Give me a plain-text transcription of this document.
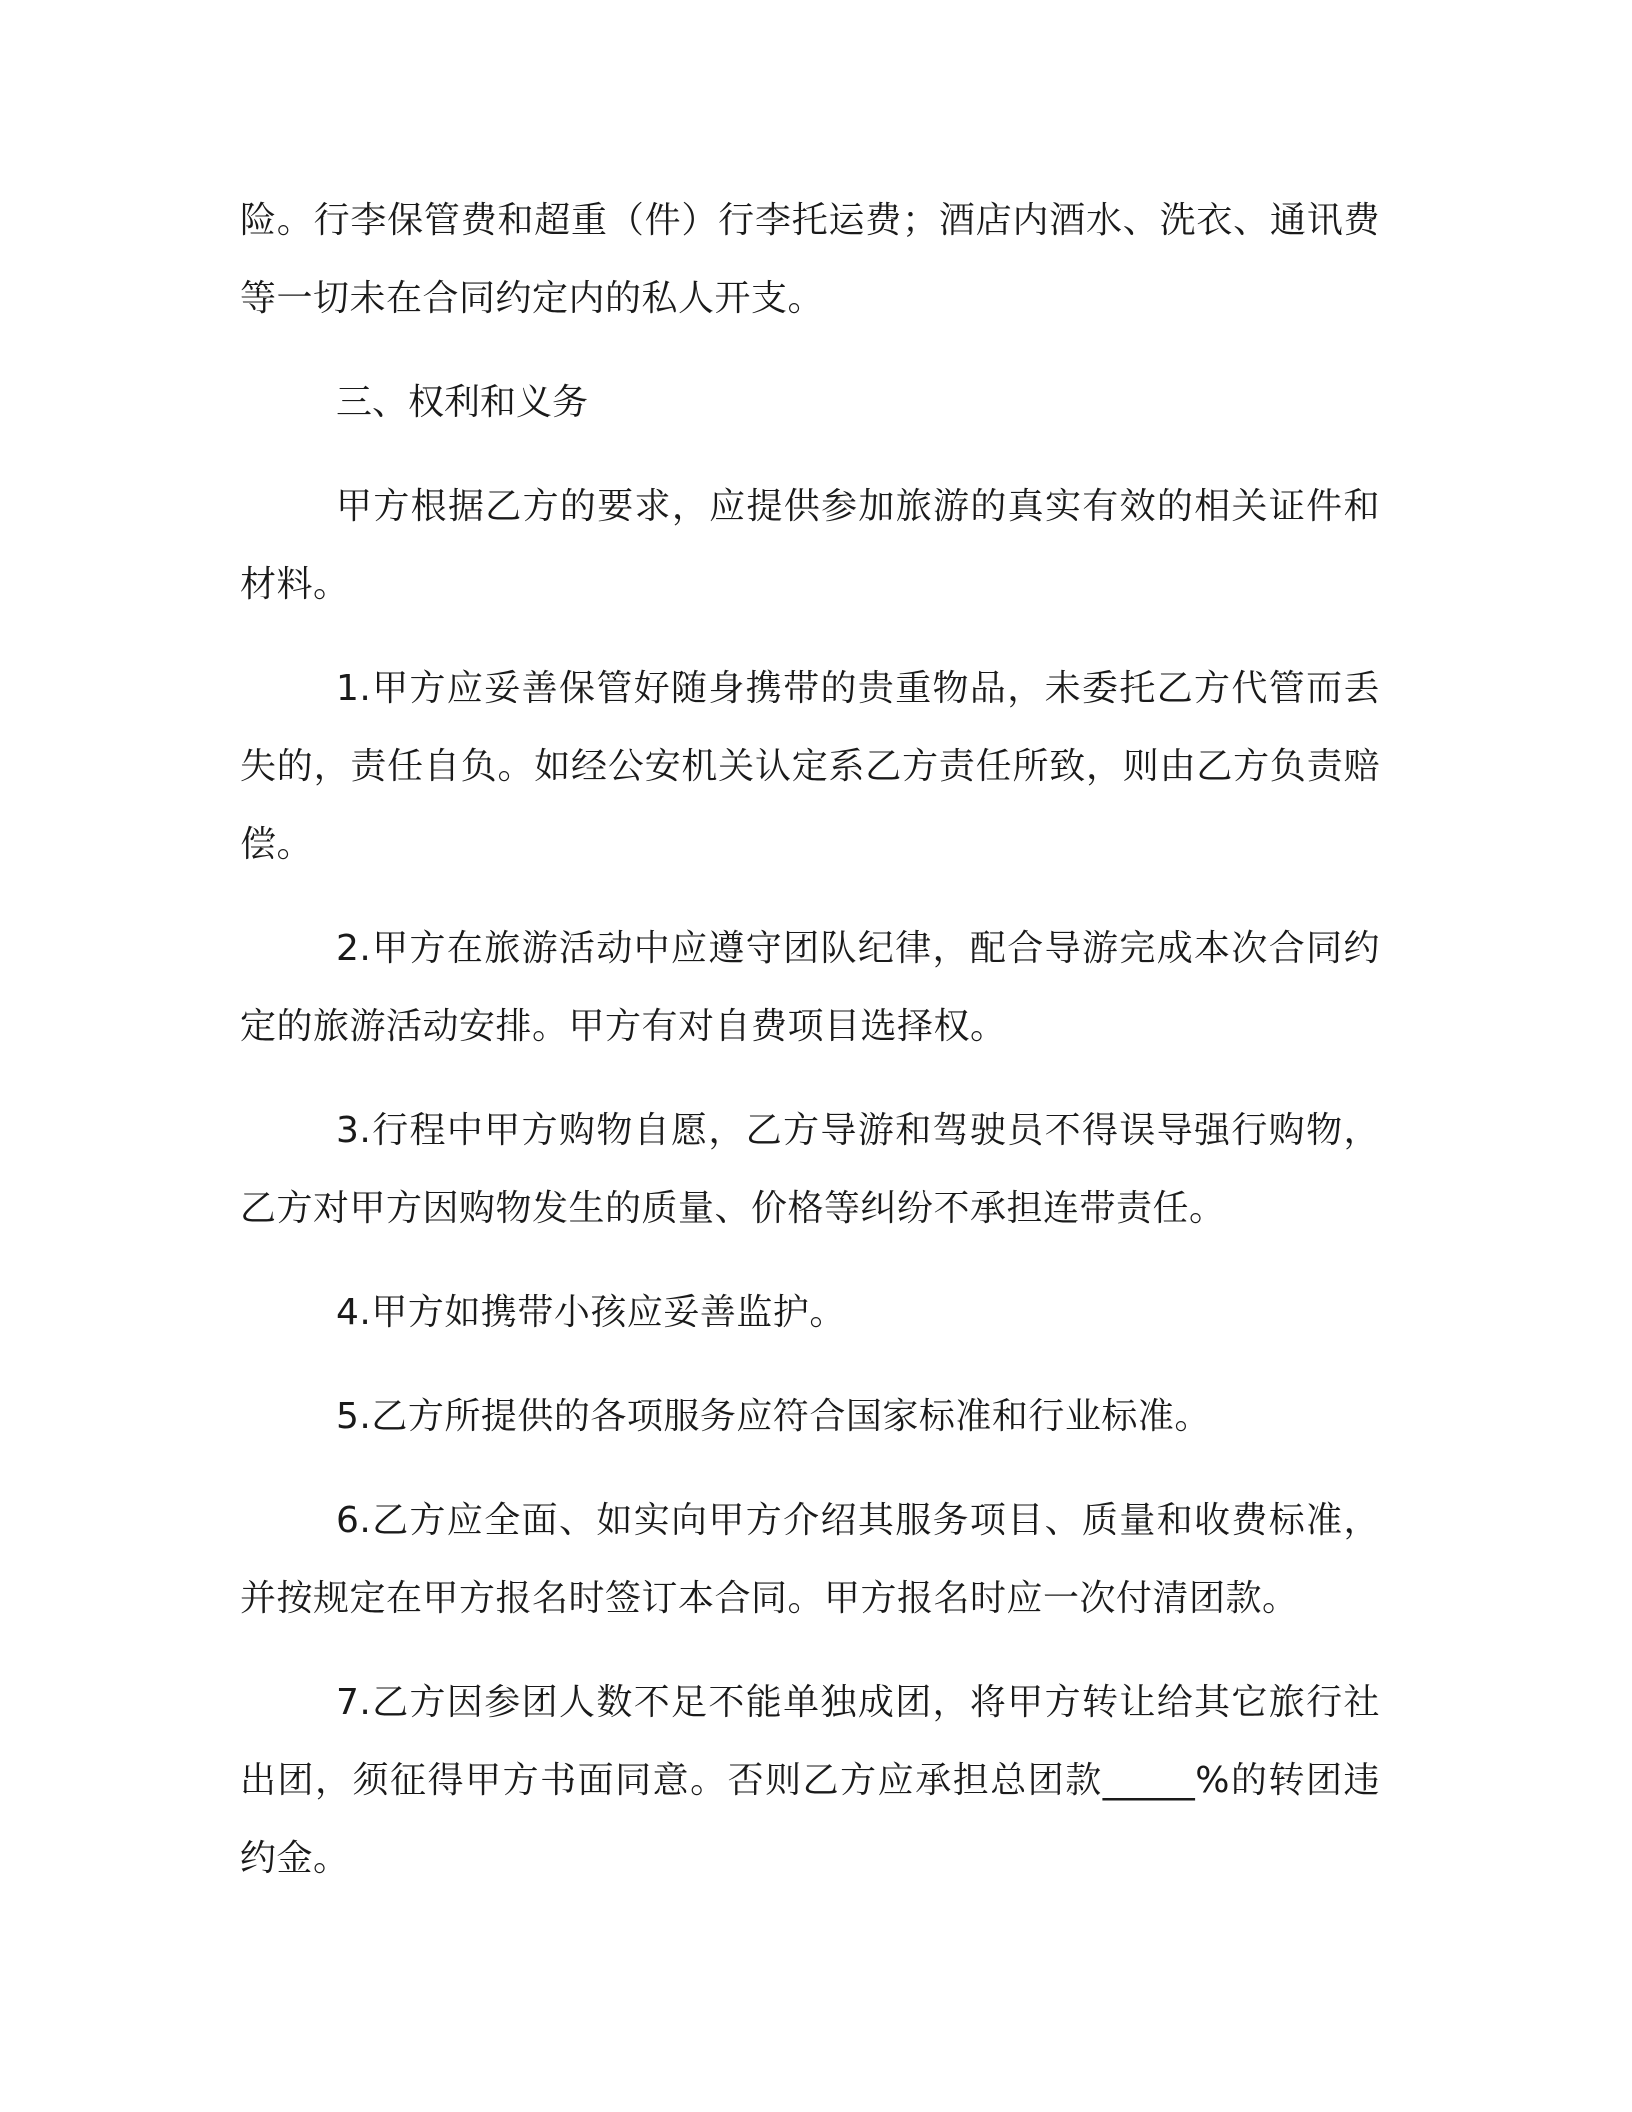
险。行李保管费和超重（件）行李托运费；酒店内酒水、洗衣、通讯费等一切未在合同约定内的私人开支。

三、权利和义务

甲方根据乙方的要求，应提供参加旅游的真实有效的相关证件和材料。

1.甲方应妥善保管好随身携带的贵重物品，未委托乙方代管而丢失的，责任自负。如经公安机关认定系乙方责任所致，则由乙方负责赔偿。

2.甲方在旅游活动中应遵守团队纪律，配合导游完成本次合同约定的旅游活动安排。甲方有对自费项目选择权。

3.行程中甲方购物自愿，乙方导游和驾驶员不得误导强行购物，乙方对甲方因购物发生的质量、价格等纠纷不承担连带责任。

4.甲方如携带小孩应妥善监护。

5.乙方所提供的各项服务应符合国家标准和行业标准。

6.乙方应全面、如实向甲方介绍其服务项目、质量和收费标准，并按规定在甲方报名时签订本合同。甲方报名时应一次付清团款。

7.乙方因参团人数不足不能单独成团，将甲方转让给其它旅行社出团，须征得甲方书面同意。否则乙方应承担总团款_____%的转团违约金。
